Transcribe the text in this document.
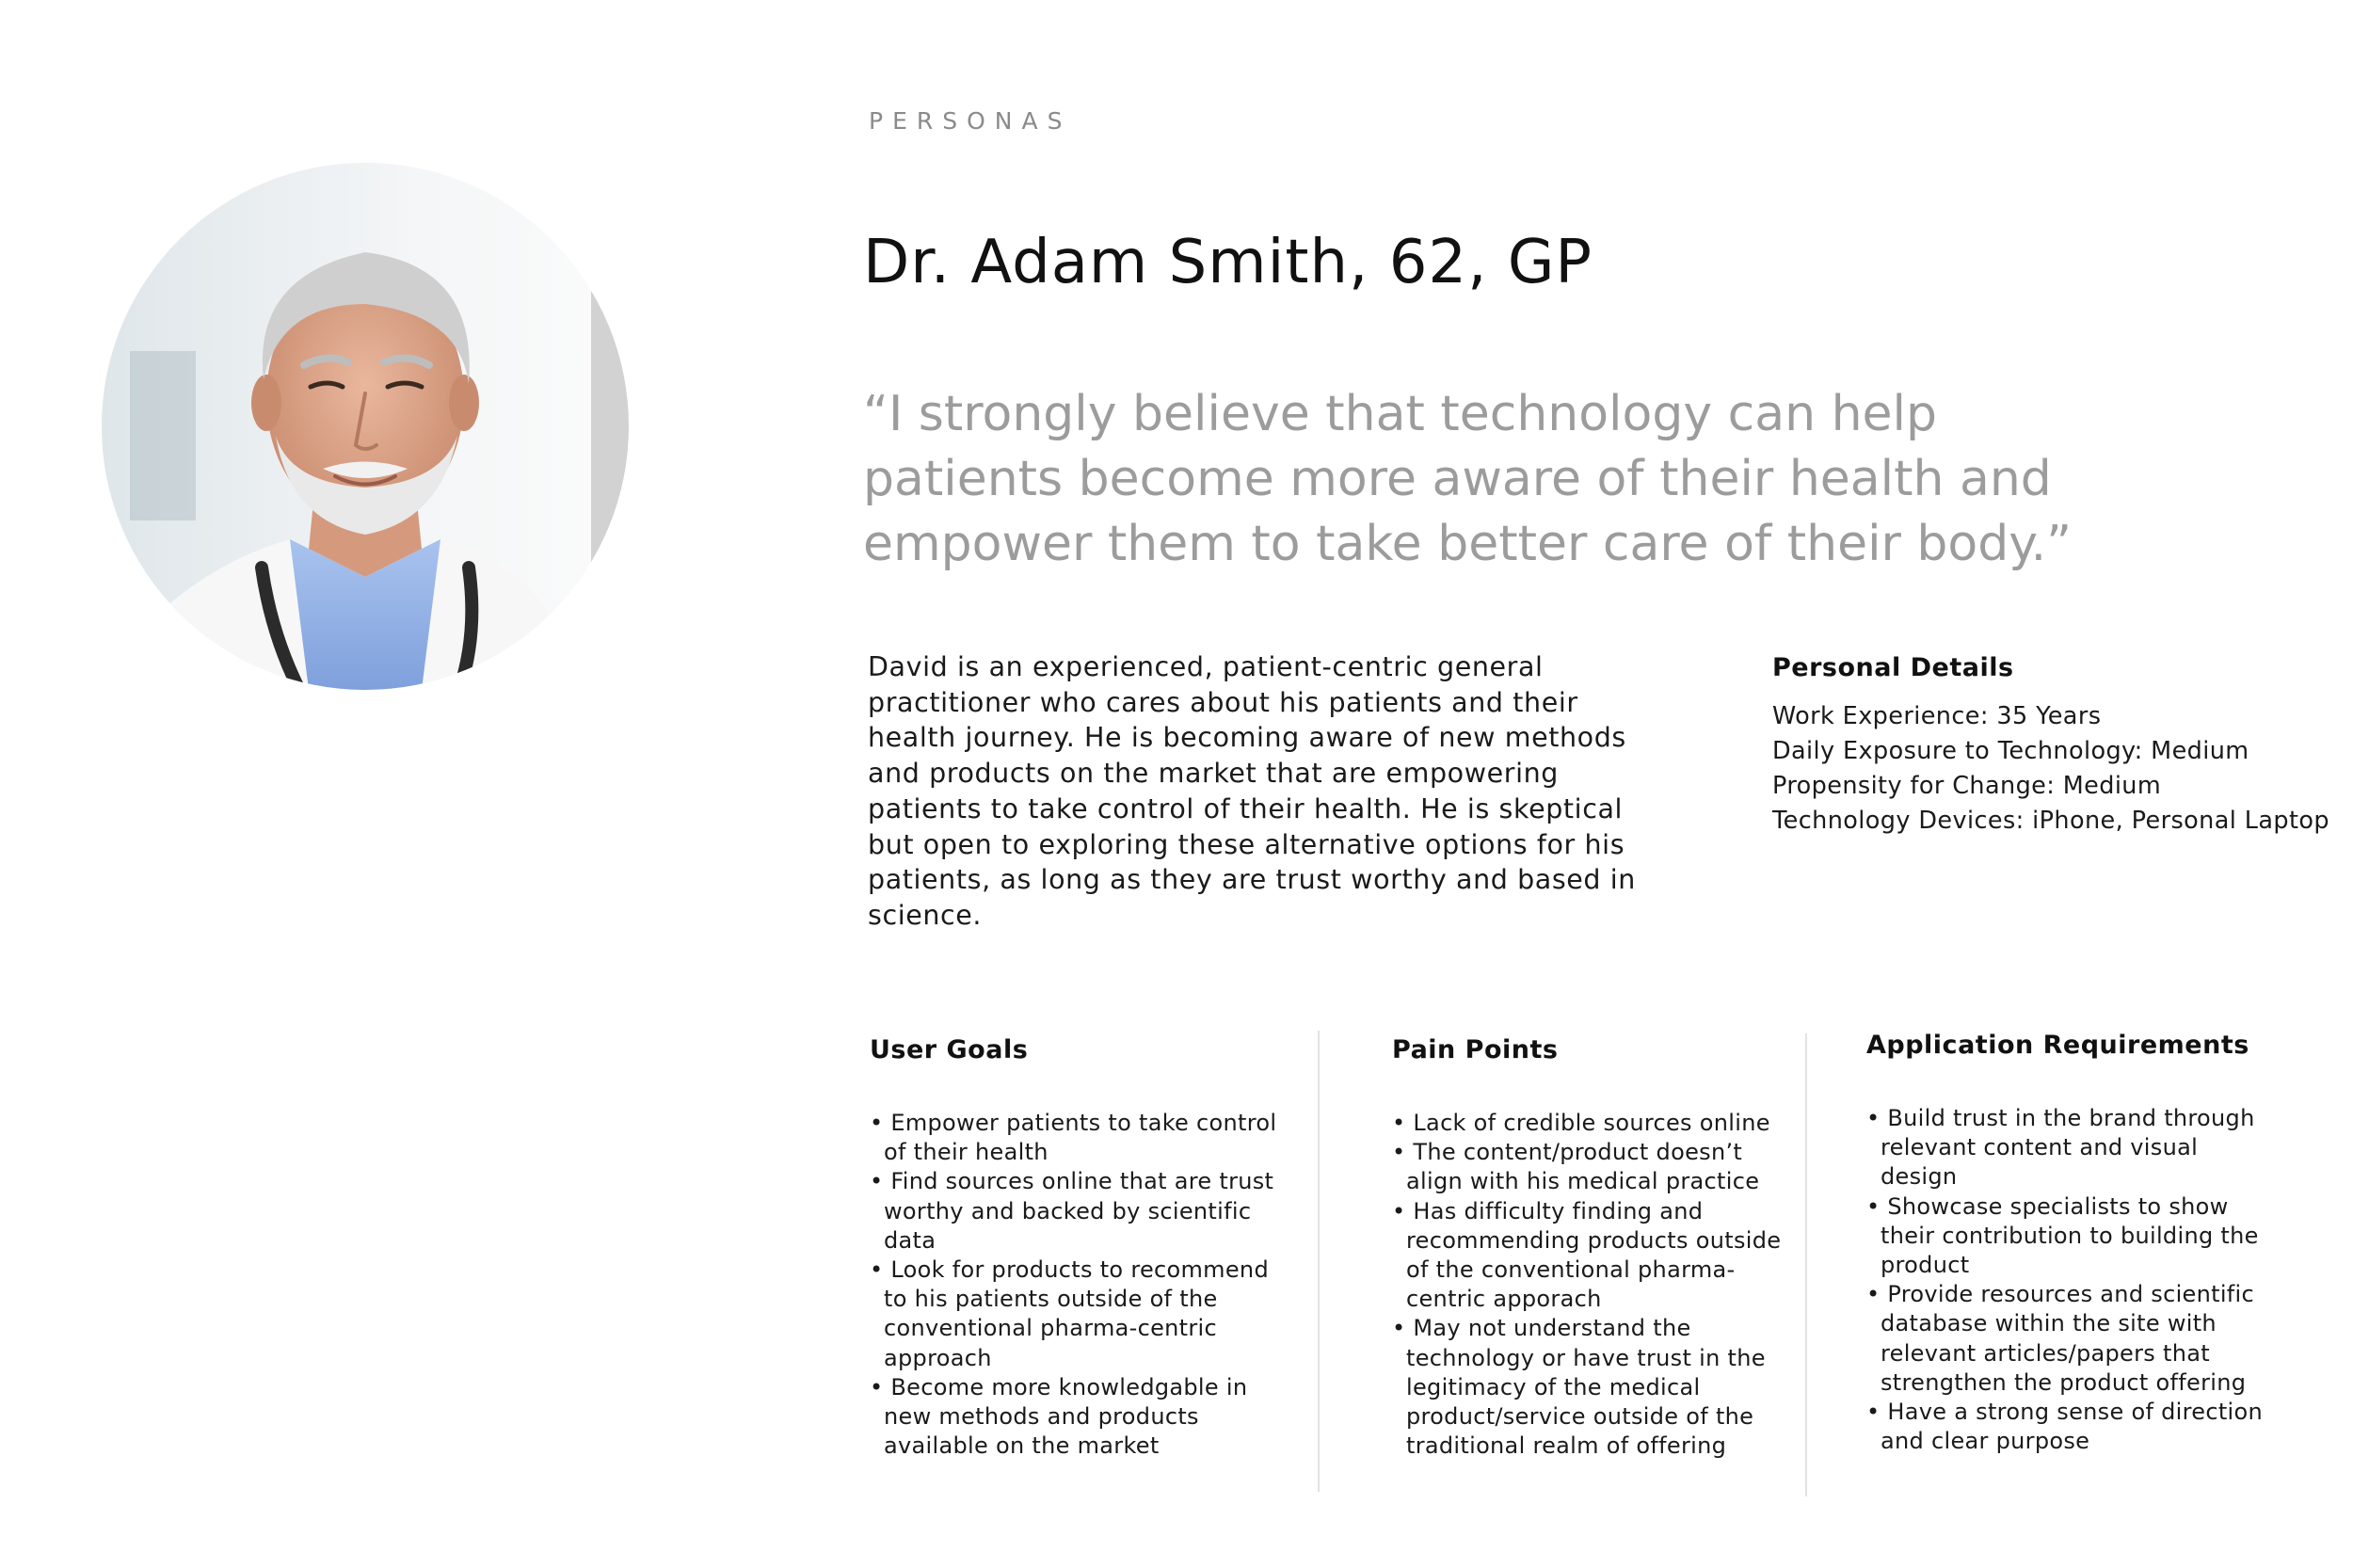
PERSONAS
Dr. Adam Smith, 62, GP

“I strongly believe that technology can help
patients become more aware of their health and
empower them to take better care of their body.”

David is an experienced, patient-centric general
practitioner who cares about his patients and their
health journey. He is becoming aware of new methods
and products on the market that are empowering
patients to take control of their health. He is skeptical
but open to exploring these alternative options for his
patients, as long as they are trust worthy and based in
science.

Personal Details
Work Experience: 35 Years
Daily Exposure to Technology: Medium
Propensity for Change: Medium
Technology Devices: iPhone, Personal Laptop
User Goals
• Empower patients to take control
of their health
• Find sources online that are trust
worthy and backed by scientific
data
• Look for products to recommend
to his patients outside of the
conventional pharma-centric
approach
• Become more knowledgable in
new methods and products
available on the market
Pain Points
• Lack of credible sources online
• The content/product doesn’t
align with his medical practice
• Has difficulty finding and
recommending products outside
of the conventional pharma-
centric apporach
• May not understand the
technology or have trust in the
legitimacy of the medical
product/service outside of the
traditional realm of offering
Application Requirements
• Build trust in the brand through
relevant content and visual
design
• Showcase specialists to show
their contribution to building the
product
• Provide resources and scientific
database within the site with
relevant articles/papers that
strengthen the product offering
• Have a strong sense of direction
and clear purpose
